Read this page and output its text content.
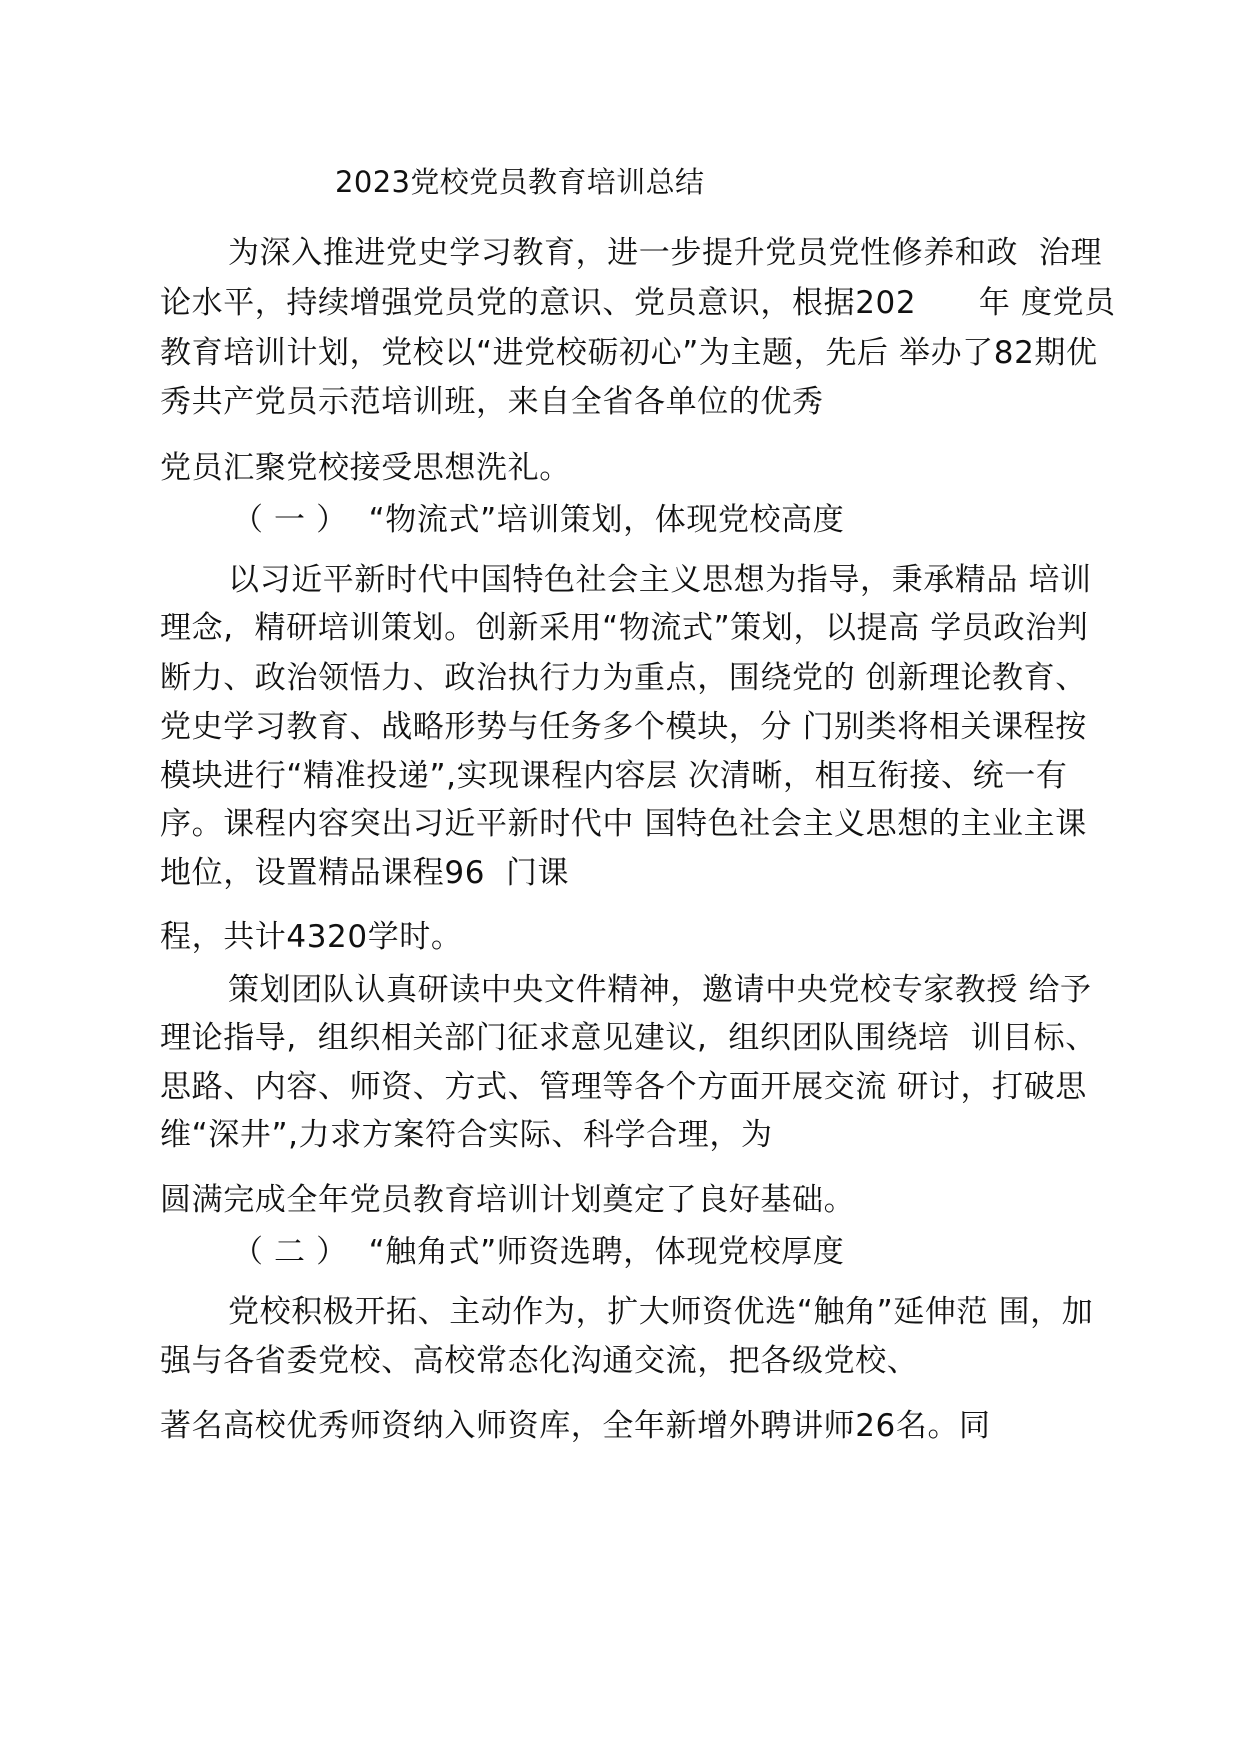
2023党校党员教育培训总结
为深入推进党史学习教育，进一步提升党员党性修养和政  治理
论水平，持续增强党员党的意识、党员意识，根据202      年 度党员
教育培训计划，党校以“进党校砺初心”为主题，先后 举办了82期优
秀共产党员示范培训班，来自全省各单位的优秀
党员汇聚党校接受思想洗礼。
（ 一 ）  “物流式”培训策划，体现党校高度
以习近平新时代中国特色社会主义思想为指导，秉承精品 培训
理念,  精研培训策划。创新采用“物流式”策划，以提高 学员政治判
断力、政治领悟力、政治执行力为重点，围绕党的 创新理论教育、
党史学习教育、战略形势与任务多个模块，分 门别类将相关课程按
模块进行“精准投递”,实现课程内容层 次清晰，相互衔接、统一有
序。课程内容突出习近平新时代中 国特色社会主义思想的主业主课
地位，设置精品课程96  门课
程，共计4320学时。
策划团队认真研读中央文件精神，邀请中央党校专家教授 给予
理论指导,  组织相关部门征求意见建议,  组织团队围绕培  训目标、
思路、内容、师资、方式、管理等各个方面开展交流 研讨，打破思
维“深井”,力求方案符合实际、科学合理，为
圆满完成全年党员教育培训计划奠定了良好基础。
（ 二 ）  “触角式”师资选聘，体现党校厚度
党校积极开拓、主动作为，扩大师资优选“触角”延伸范 围，加
强与各省委党校、高校常态化沟通交流，把各级党校、
著名高校优秀师资纳入师资库，全年新增外聘讲师26名。同
